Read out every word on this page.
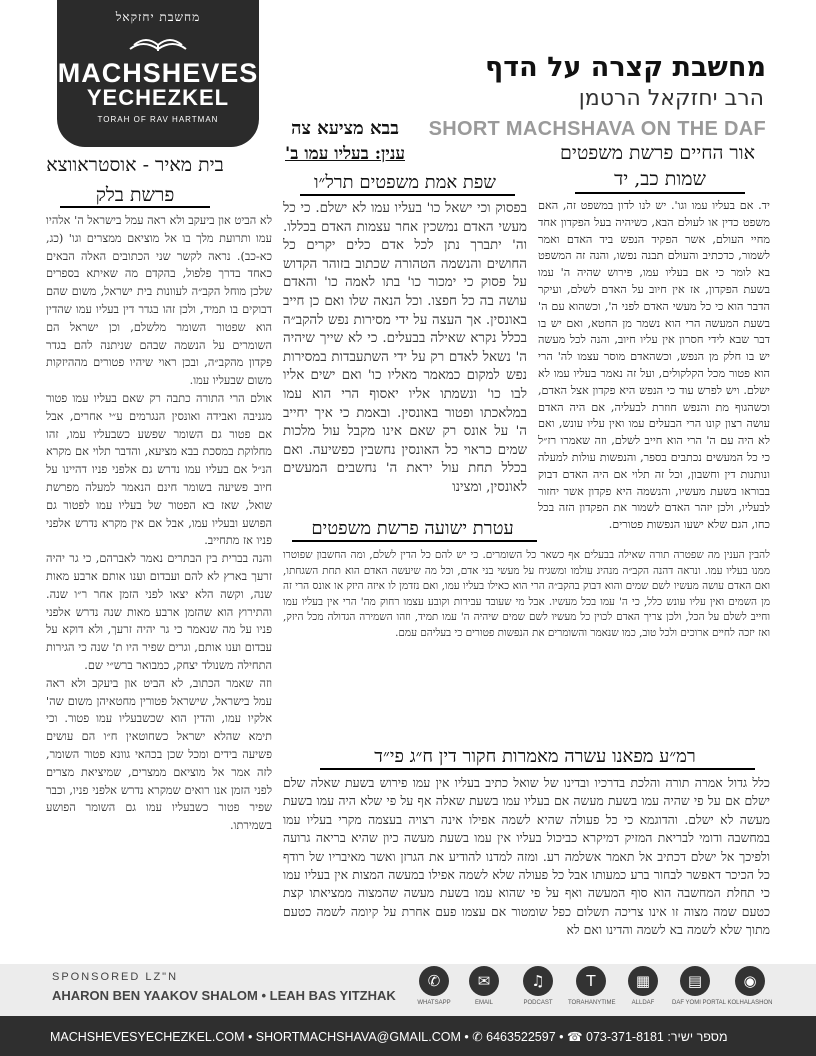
מחשבת יחזקאל
MACHSHEVES
YECHEZKEL
TORAH OF RAV HARTMAN
מחשבת קצרה על הדף
הרב יחזקאל הרטמן
SHORT MACHSHAVA ON THE DAF
בבא מציעא צה
ענין: בעליו עמו ב'	אור החיים פרשת משפטים
שמות כב, יד
יד. אם בעליו עמו וגו'. יש לנו לדון במשפט זה, האם משפט כדין או לעולם הבא, כשיהיה בעל הפקדון אחד מחיי העולם, אשר הפקיד הנפש ביד האדם ואמר לשמור, כדכתיב והעולם תבנה נפשו, והנה זה המשפט בא לומר כי אם בעליו עמו, פירוש שהיה ה' עמו בשעת הפקדון, אז אין חיוב על האדם לשלם, ועיקר הדבר הוא כי כל מעשי האדם לפני ה', וכשהוא עם ה' בשעת המעשה הרי הוא נשמר מן החטא, ואם יש בו דבר שבא לידי חסרון אין עליו חיוב, והנה לכל מעשה יש בו חלק מן הנפש, וכשהאדם מוסר עצמו לה' הרי הוא פטור מכל הקלקולים, ועל זה נאמר בעליו עמו לא ישלם. ויש לפרש עוד כי הנפש היא פקדון אצל האדם, וכשהגוף מת והנפש חוזרת לבעליה, אם היה האדם עושה רצון קונו הרי הבעלים עמו ואין עליו עונש, ואם לא היה עם ה' הרי הוא חייב לשלם, וזה שאמרו רז״ל כי כל המעשים נכתבים בספר, והנפשות עולות למעלה ונותנות דין וחשבון, וכל זה תלוי אם היה האדם דבוק בבוראו בשעת מעשיו, והנשמה היא פקדון אשר יחזור לבעליו, ולכן יזהר האדם לשמור את הפקדון הזה בכל כחו, הגם שלא ישעו הנפשות פטורים.
שפת אמת משפטים תרל״ו
בפסוק וכי ישאל כו' בעליו עמו לא ישלם. כי כל מעשי האדם נמשכין אחר עצמות האדם בכללו. וה' יתברך נתן לכל אדם כלים יקרים כל החושים והנשמה הטהורה שכתוב בזוהר הקדוש על פסוק כי ימכור כו' בתו לאמה כו' והאדם עושה בה כל חפצו. וכל הנאה שלו ואם כן חייב באונסין. אך העצה על ידי מסירות נפש להקב״ה בכלל נקרא שאילה בבעלים. כי לא שייך שיהיה ה' נשאל לאדם רק על ידי השתעבדות במסירות נפש למקום כמאמר מאליו כו' ואם ישים אליו לבו כו' ונשמתו אליו יאסוף הרי הוא עמו במלאכתו ופטור באונסין. ובאמת כי איך יחייב ה' על אונס רק שאם אינו מקבל עול מלכות שמים כראוי כל האונסין נחשבין כפשיעה. ואם בכלל תחת עול יראת ה' נחשבים המעשים לאונסין, ומצינו
בית מאיר - אוסטראווצא
פרשת בלק
לא הביט און ביעקב ולא ראה עמל בישראל ה' אלהיו עמו ותרועת מלך בו אל מוציאם ממצרים וגו' (כג, כא-כב). נראה לקשר שני הכתובים האלה הבאים כאחד בדרך פלפול, בהקדם מה שאיתא בספרים שלכן מוחל הקב״ה לעוונות בית ישראל, משום שהם דבוקים בו תמיד, ולכן זהו בגדר דין בעליו עמו שהדין הוא שפטור השומר מלשלם, וכן ישראל הם השומרים על הנשמה שבהם שניתנה להם בגדר פקדון מהקב״ה, ובכן ראוי שיהיו פטורים מההיזקות משום שבעליו עמו.
אולם הרי התורה כתבה רק שאם בעליו עמו פטור מגניבה ואבידה ואונסין הנגרמים ע״י אחרים, אבל אם פטור גם השומר שפשע כשבעליו עמו, זהו מחלוקת במסכת בבא מציעא, והדבר תלוי אם מקרא הנ״ל אם בעליו עמו נדרש גם אלפני פניו דהיינו על חיוב פשיעה בשומר חינם הנאמר למעלה מפרשת שואל, שאז בא הפטור של בעליו עמו לפטור גם הפושע ובעליו עמו, אבל אם אין מקרא נדרש אלפני פניו אז מתחייב.
והנה בברית בין הבתרים נאמר לאברהם, כי גר יהיה זרעך בארץ לא להם ועבדום וענו אותם ארבע מאות שנה, וקשה הלא יצאו לפני הזמן אחר ר״ו שנה. והתירוץ הוא שהזמן ארבע מאות שנה נדרש אלפני פניו על מה שנאמר כי גר יהיה זרעך, ולא דוקא על עבדום וענו אותם, וגרים שפיר היו ת' שנה כי הגירות התחילה משנולד יצחק, כמבואר ברש״י שם.
וזה שאמר הכתוב, לא הביט און ביעקב ולא ראה עמל בישראל, שישראל פטורין מחטאיהן משום שה' אלקיו עמו, והדין הוא שכשבעליו עמו פטור. וכי תימא שהלא ישראל כשחוטאין ח״ו הם עושים פשיעה בידים ומכל שכן בכהאי גוונא פטור השומר, לזה אמר אל מוציאם ממצרים, שמיציאת מצרים לפני הזמן אנו רואים שמקרא נדרש אלפני פניו, וכבר שפיר פטור כשבעליו עמו גם השומר הפושע בשמירתו.
עטרת ישועה פרשת משפטים
להבין הענין מה שפטרה תורה שאילה בבעלים אף כשאר כל השומרים. כי יש להם כל הדין לשלם, ומה החשבון שפוטרו ממנו בעליו עמו. ונראה דהנה הקב״ה מנהיג עולמו ומשגיח על מעשי בני אדם, וכל מה שיעשה האדם הוא תחת השגחתו, ואם האדם עושה מעשיו לשם שמים והוא דבוק בהקב״ה הרי הוא כאילו בעליו עמו, ואם נזדמן לו איזה היזק או אונס הרי זה מן השמים ואין עליו עונש כלל, כי ה' עמו בכל מעשיו. אבל מי שעובד עבירות וקובע עצמו רחוק מה' הרי אין בעליו עמו וחייב לשלם על הכל, ולכן צריך האדם לכוין כל מעשיו לשם שמים שיהיה ה' עמו תמיד, וזהו השמירה הגדולה מכל היזק, ואז יזכה לחיים ארוכים ולכל טוב, כמו שנאמר והשומרים את הנפשות פטורים כי בעליהם עמם.
רמ״ע מפאנו עשרה מאמרות חקור דין ח״ג פי״ד
כלל גדול אמרה תורה והלכת בדרכיו ובדינו של שואל כתיב בעליו אין עמו פירוש בשעת שאלה שלם ישלם אם על פי שהיה עמו בשעת מעשה אם בעליו עמו בשעת שאלה אף על פי שלא היה עמו בשעת מעשה לא ישלם. והדוגמא כי כל פעולה שהיא לשמה אפילו אינה רצויה בעצמה מקרי בעליו עמו במחשבה ודומי לבריאת המזיק דמיקרא כביכול בעליו אין עמו בשעת מעשה כיון שהיא בריאה גרועה ולפיכך אל ישלם דכתיב אל תאמר אשלמה רע. ומזה למדנו להודיע את הגרזן ואשר מאיבריו של רודף כל הכיכר דאפשר לבחור ברע כמעותו אבל כל פעולה שלא לשמה אפילו במעשה המצות אין בעליו עמו כי תחלת המחשבה הוא סוף המעשה ואף על פי שהוא עמו בשעת מעשה שהמצוה ממציאתו קצת כטעם שמה מצוה זו אינו צריכה תשלום כפל שומטור אם עצמו פעם אחרת על קיומה לשמה כטעם מתוך שלא לשמה בא לשמה והדינו ואם לא
SPONSORED LZ"N
AHARON BEN YAAKOV SHALOM • LEAH BAS YITZHAK
✆
WHATSAPP
✉
EMAIL
♫
PODCAST
T
TORAHANYTIME
▦
ALLDAF
▤
DAF YOMI PORTAL
◉
KOLHALASHON
MACHSHEVESYECHEZKEL.COM • SHORTMACHSHAVA@GMAIL.COM • ✆ 6463522597 • ☎ 073-371-8181 :מספר ישיר
